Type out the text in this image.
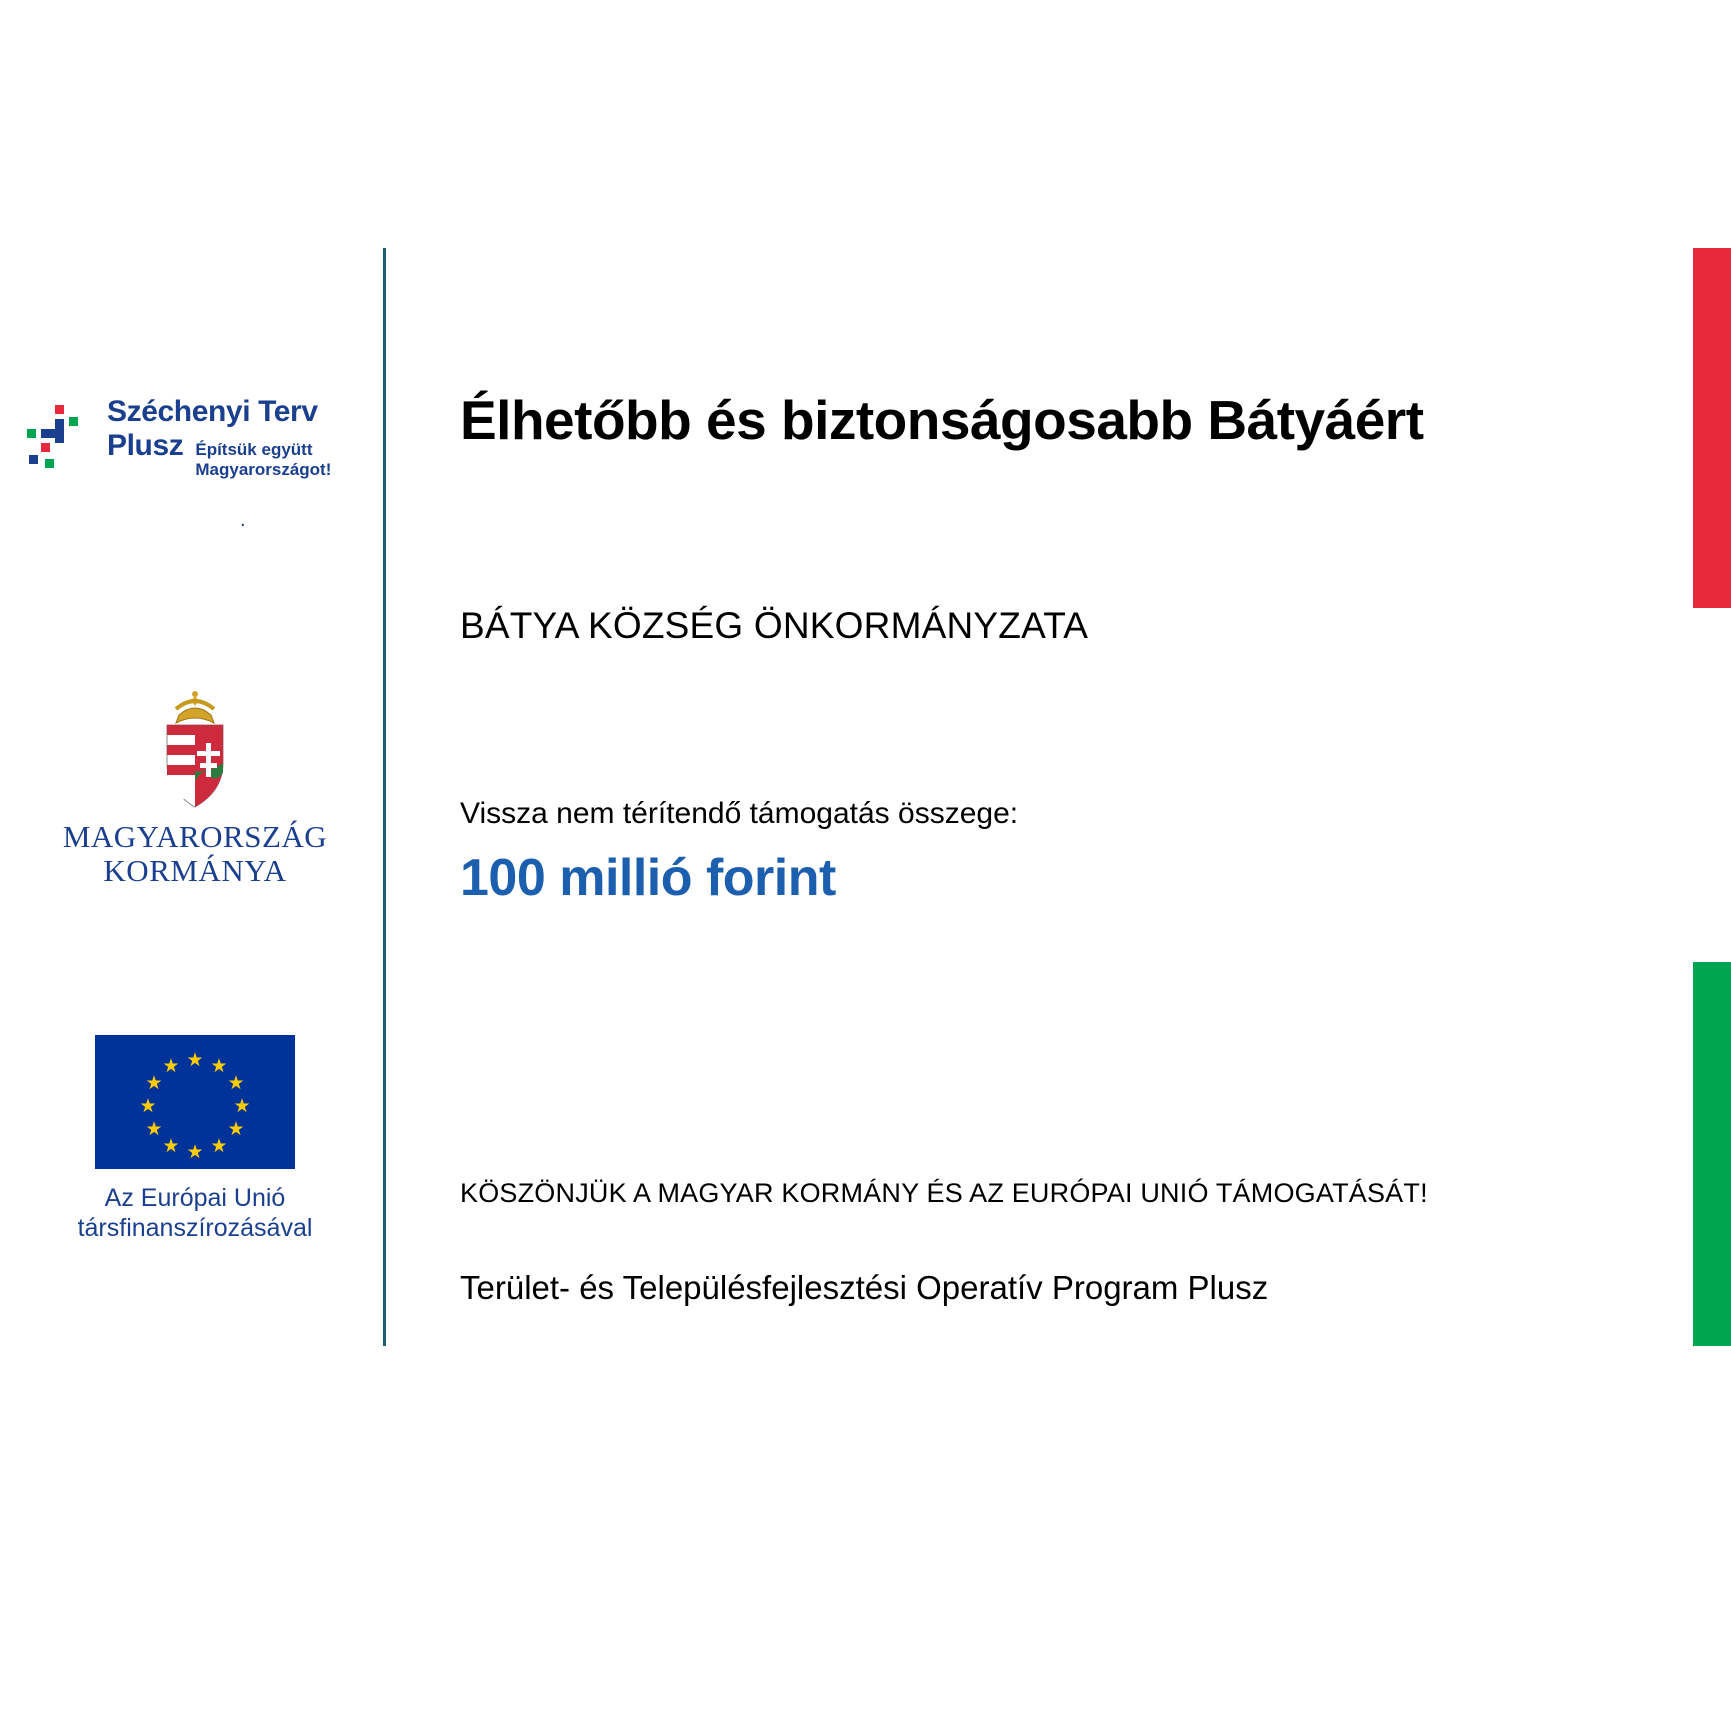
Széchenyi Terv
Plusz Építsük együtt
Magyarországot!
.
MAGYARORSZÁG
KORMÁNYA
★ ★
★
★
★
★
★
★
★
★
★
★
Az Európai Unió
társfinanszírozásával
Élhetőbb és biztonságosabb Bátyáért
BÁTYA KÖZSÉG ÖNKORMÁNYZATA
Vissza nem térítendő támogatás összege:
100 millió forint
KÖSZÖNJÜK A MAGYAR KORMÁNY ÉS AZ EURÓPAI UNIÓ TÁMOGATÁSÁT!
Terület- és Településfejlesztési Operatív Program Plusz
